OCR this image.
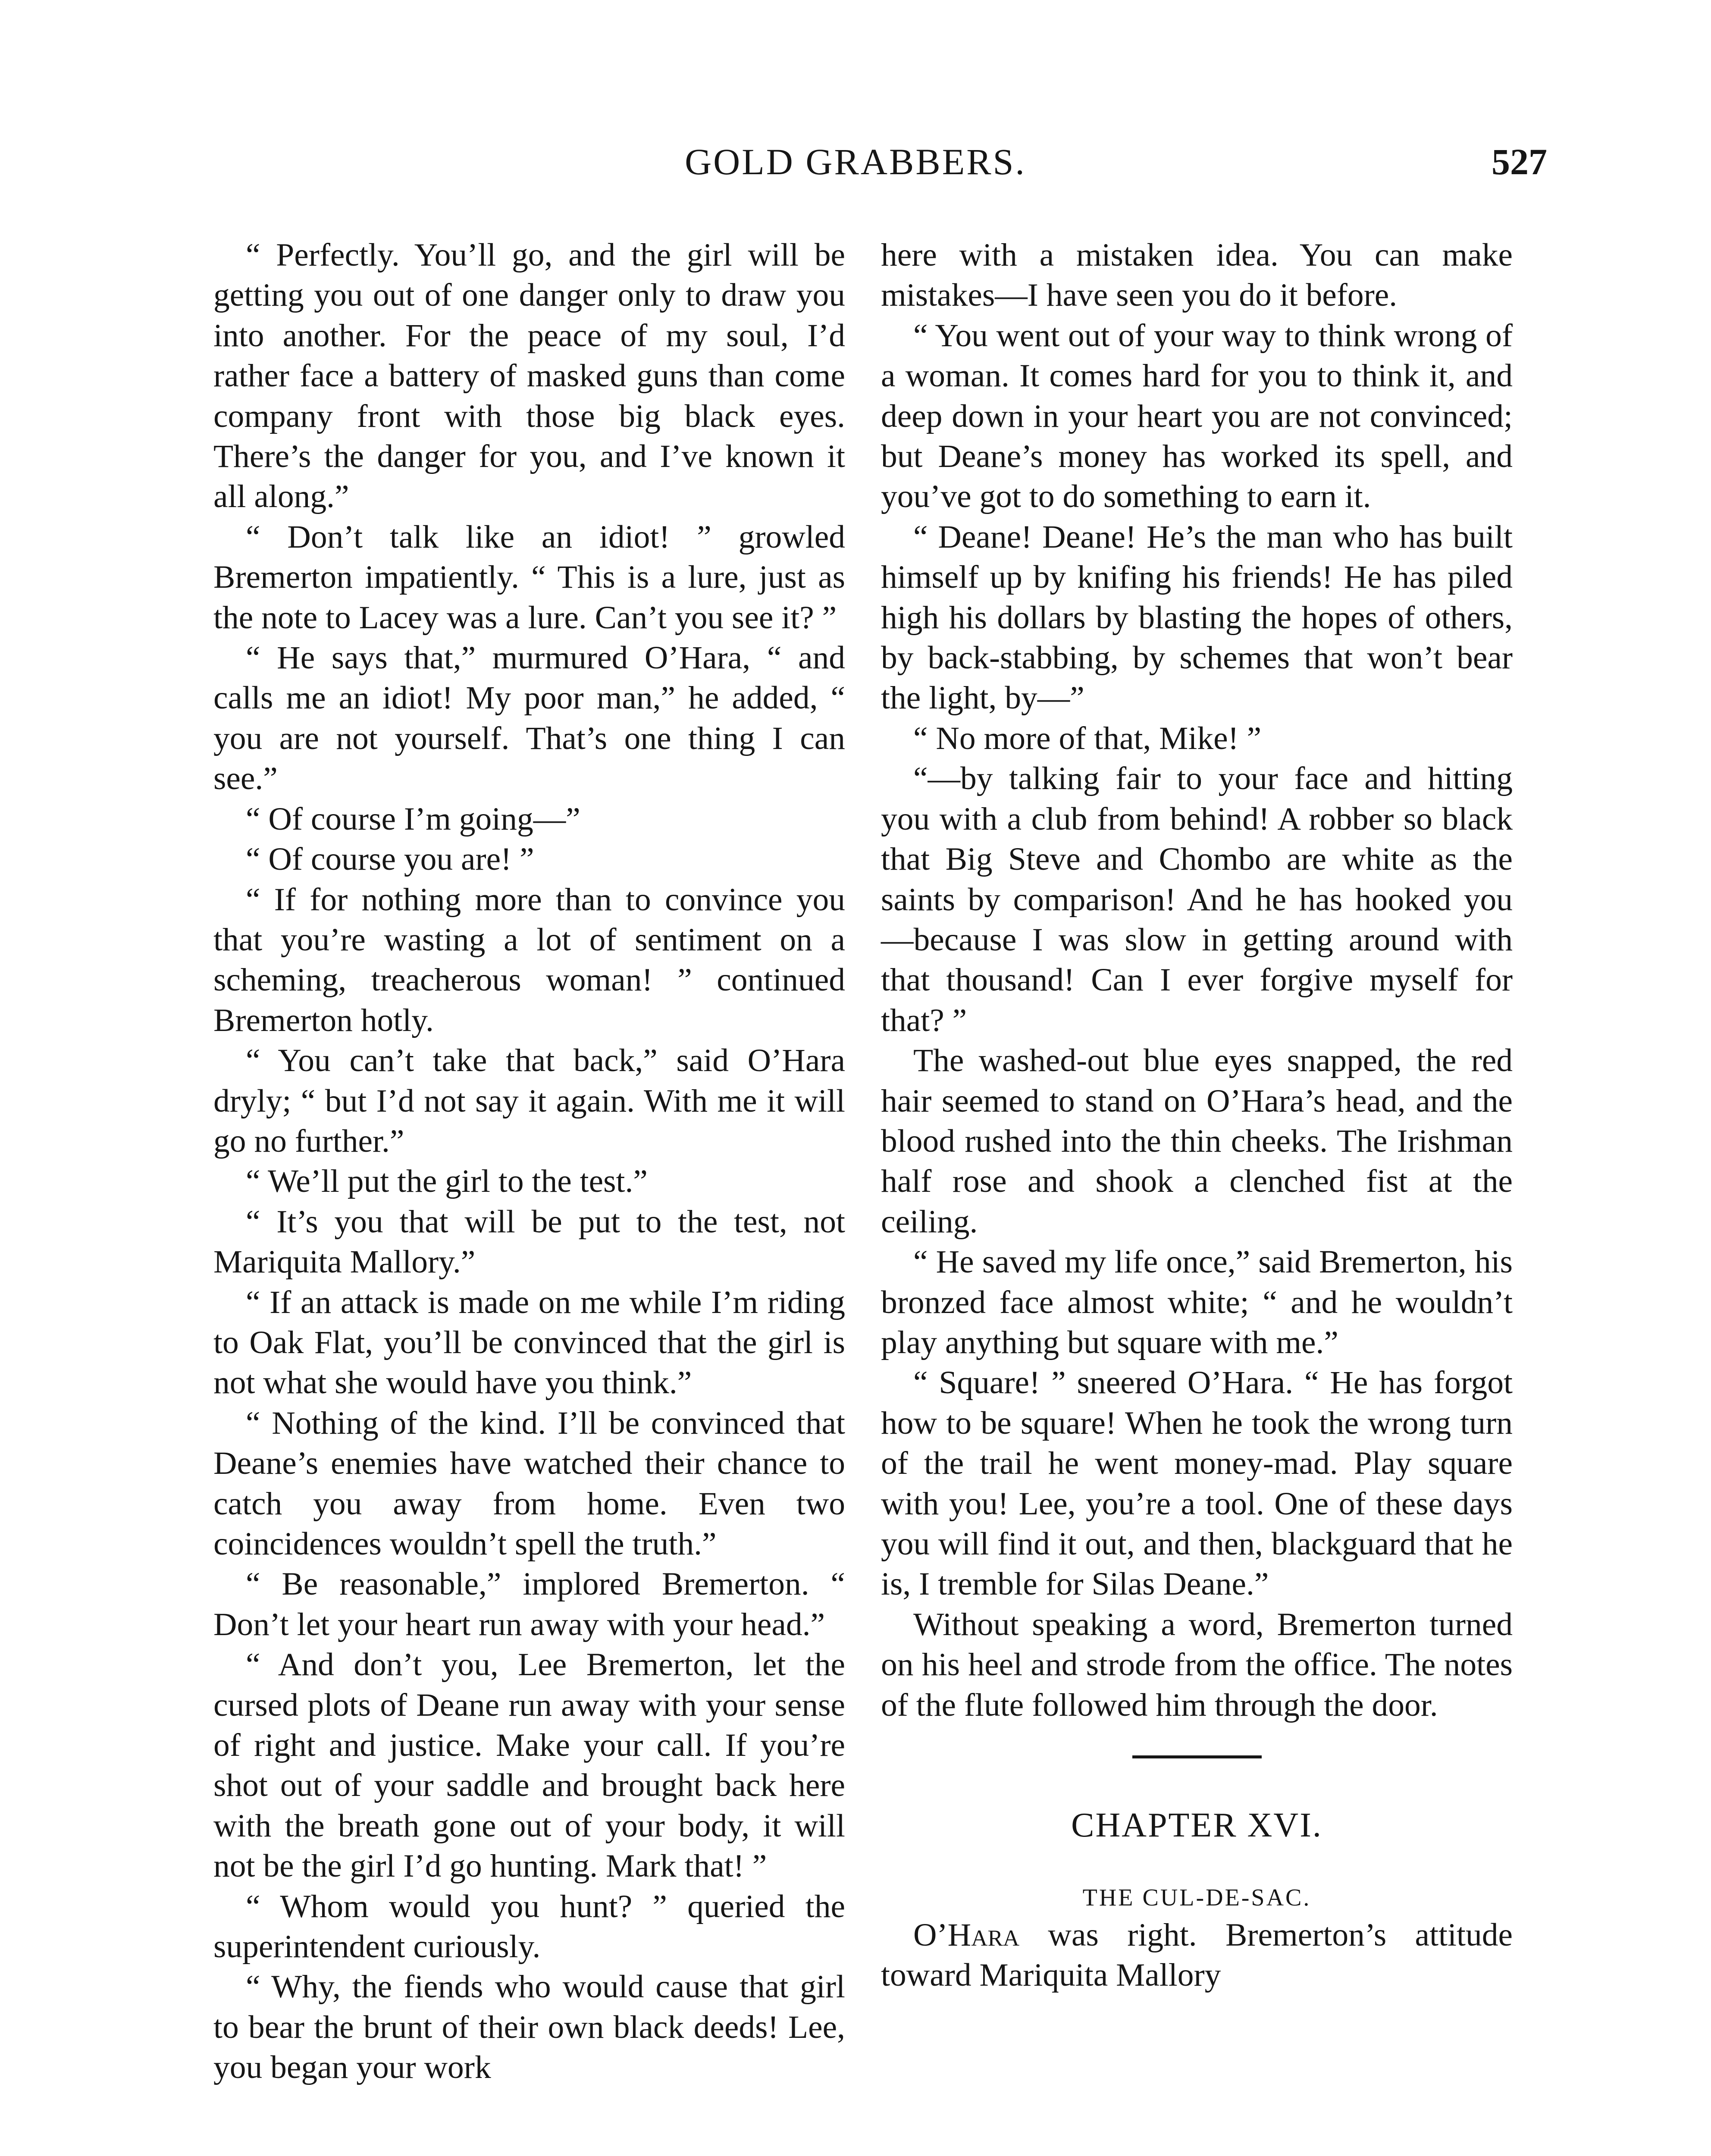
GOLD GRABBERS.	527

“ Perfectly. You’ll go, and the girl will be getting you out of one danger only to draw you into another. For the peace of my soul, I’d rather face a battery of masked guns than come company front with those big black eyes. There’s the danger for you, and I’ve known it all along.”

“ Don’t talk like an idiot! ” growled Bremerton impatiently. “ This is a lure, just as the note to Lacey was a lure. Can’t you see it? ”

“ He says that,” murmured O’Hara, “ and calls me an idiot! My poor man,” he added, “ you are not yourself. That’s one thing I can see.”

“ Of course I’m going—”

“ Of course you are! ”

“ If for nothing more than to convince you that you’re wasting a lot of sentiment on a scheming, treacherous woman! ” continued Bremerton hotly.

“ You can’t take that back,” said O’Hara dryly; “ but I’d not say it again. With me it will go no further.”

“ We’ll put the girl to the test.”

“ It’s you that will be put to the test, not Mariquita Mallory.”

“ If an attack is made on me while I’m riding to Oak Flat, you’ll be convinced that the girl is not what she would have you think.”

“ Nothing of the kind. I’ll be convinced that Deane’s enemies have watched their chance to catch you away from home. Even two coincidences wouldn’t spell the truth.”

“ Be reasonable,” implored Bremerton. “ Don’t let your heart run away with your head.”

“ And don’t you, Lee Bremerton, let the cursed plots of Deane run away with your sense of right and justice. Make your call. If you’re shot out of your saddle and brought back here with the breath gone out of your body, it will not be the girl I’d go hunting. Mark that! ”

“ Whom would you hunt? ” queried the superintendent curiously.

“ Why, the fiends who would cause that girl to bear the brunt of their own black deeds! Lee, you began your work

here with a mistaken idea. You can make mistakes—I have seen you do it before.

“ You went out of your way to think wrong of a woman. It comes hard for you to think it, and deep down in your heart you are not convinced; but Deane’s money has worked its spell, and you’ve got to do something to earn it.

“ Deane! Deane! He’s the man who has built himself up by knifing his friends! He has piled high his dollars by blasting the hopes of others, by back-stabbing, by schemes that won’t bear the light, by—”

“ No more of that, Mike! ”

“—by talking fair to your face and hitting you with a club from behind! A robber so black that Big Steve and Chombo are white as the saints by comparison! And he has hooked you—because I was slow in getting around with that thousand! Can I ever forgive myself for that? ”

The washed-out blue eyes snapped, the red hair seemed to stand on O’Hara’s head, and the blood rushed into the thin cheeks. The Irishman half rose and shook a clenched fist at the ceiling.

“ He saved my life once,” said Bremerton, his bronzed face almost white; “ and he wouldn’t play anything but square with me.”

“ Square! ” sneered O’Hara. “ He has forgot how to be square! When he took the wrong turn of the trail he went money-mad. Play square with you! Lee, you’re a tool. One of these days you will find it out, and then, blackguard that he is, I tremble for Silas Deane.”

Without speaking a word, Bremerton turned on his heel and strode from the office. The notes of the flute followed him through the door.

CHAPTER XVI.
THE CUL-DE-SAC.

O’Hara was right. Bremerton’s attitude toward Mariquita Mallory
